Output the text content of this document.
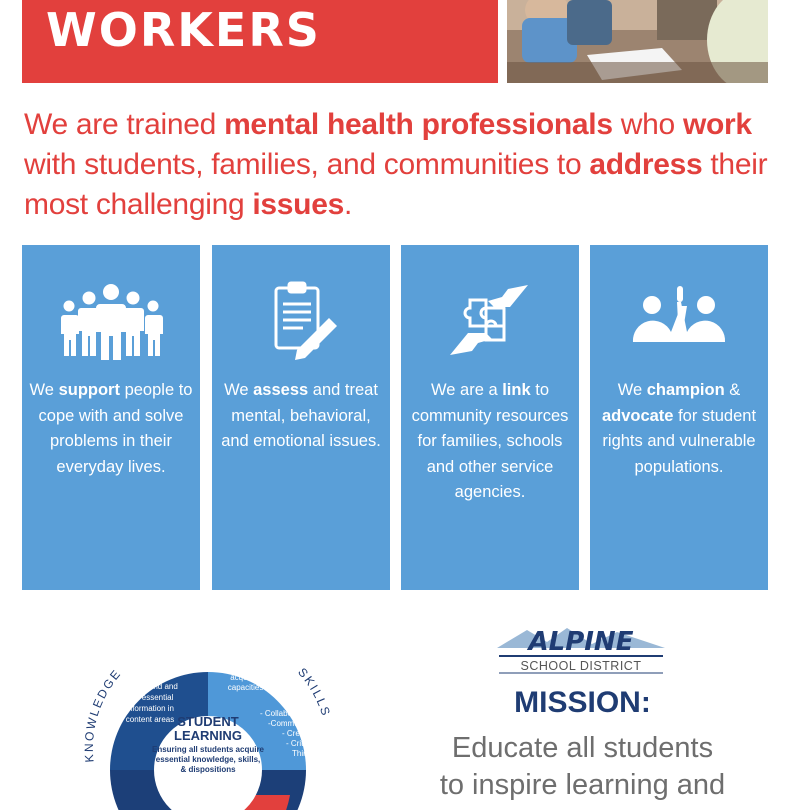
WORKERS

We are trained mental health professionals who work with students, families, and communities to address their most challenging issues.

We support people to cope with and solve problems in their everyday lives.

We assess and treat mental, behavioral, and emotional issues.

We are a link to community resources for families, schools and other service agencies.

We champion & advocate for student rights and vulnerable populations.

KNOWLEDGE	SKILLS
Students
understand and
use essential
information in
content areas
Students
acquire the
capacities of
- Collaboration
-Communication
- Creativity
- Critical
Thinking
STUDENT
LEARNING
Ensuring all students acquire
essential knowledge, skills,
& dispositions
ALPINE
SCHOOL DISTRICT
MISSION:

Educate all students
to inspire learning and
